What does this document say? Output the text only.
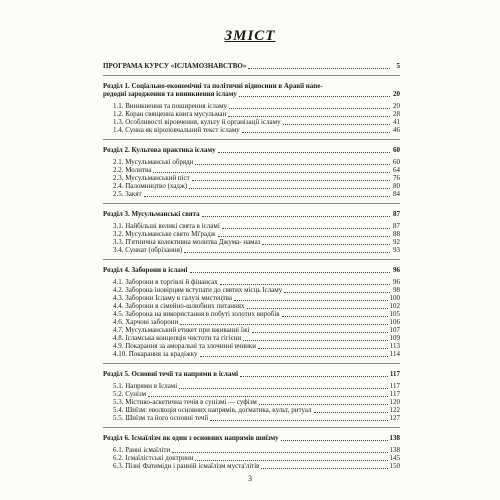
ЗМІСТ
ПРОГРАМА КУРСУ «ІСЛАМОЗНАВСТВО»	5
Розділ 1. Соціально-економічні та політичні відносини в Аравії напе-
редодні зародження та виникнення ісламу	20
1.1. Виникнення та поширення ісламу	20
1.2. Коран священна книга мусульман	28
1.3. Особливості віровчення, культу й організації ісламу	41
1.4. Сунна як віроповчальний текст ісламу	46
Розділ 2. Культова практика ісламу	60
2.1. Мусульманські обряди	60
2.2. Молитва	64
2.3. Мусульманський піст	76
2.4. Паломництво (хадж)	80
2.5. Закят	84
Розділ 3. Мусульманські свята	87
3.1. Найбільші великі свята в ісламі	87
3.2. Мусульманське свято Мі'радж	88
3.3. П'ятнична колективна молитва Джума- намаз	92
3.4. Суннат (обрізання)	93
Розділ 4. Заборони в ісламі	96
4.1. Заборони в торгівлі й фінансах	96
4.2. Заборона іновірцям вступати до святих місць Ісламу	98
4.3. Заборони Ісламу в галузі мистецтва	100
4.4. Заборони в сімейно-шлюбних питаннях	102
4.5. Заборона на використання в побуті золотих виробів	105
4.6. Харчові заборони	106
4.7. Мусульманський етикет при вживанні їжі	107
4.8. Ісламська концепція чистоти та гігієни	109
4.9. Покарання за аморальні та злочинні вчинки	113
4.10. Покарання за крадіжку	114
Розділ 5. Основні течії та напрями в ісламі	117
5.1. Напрями в Ісламі	117
5.2. Сунізм	117
5.3. Містико-аскетична течія в сунізмі — суфізм	120
5.4. Шиїзм: еволюція основних напрямів, догматика, культ, ритуал	122
5.5. Шиїзм та його основні течії	127
Розділ 6. Ісмаїлізм як один з основних напрямів шиїзму	138
6.1. Ранні ісмаїліти	138
6.2. Ісмаїлістські доктрини	145
6.3. Пізні Фатиміди і ранній ісмаїлізм муста'літів	150
3
